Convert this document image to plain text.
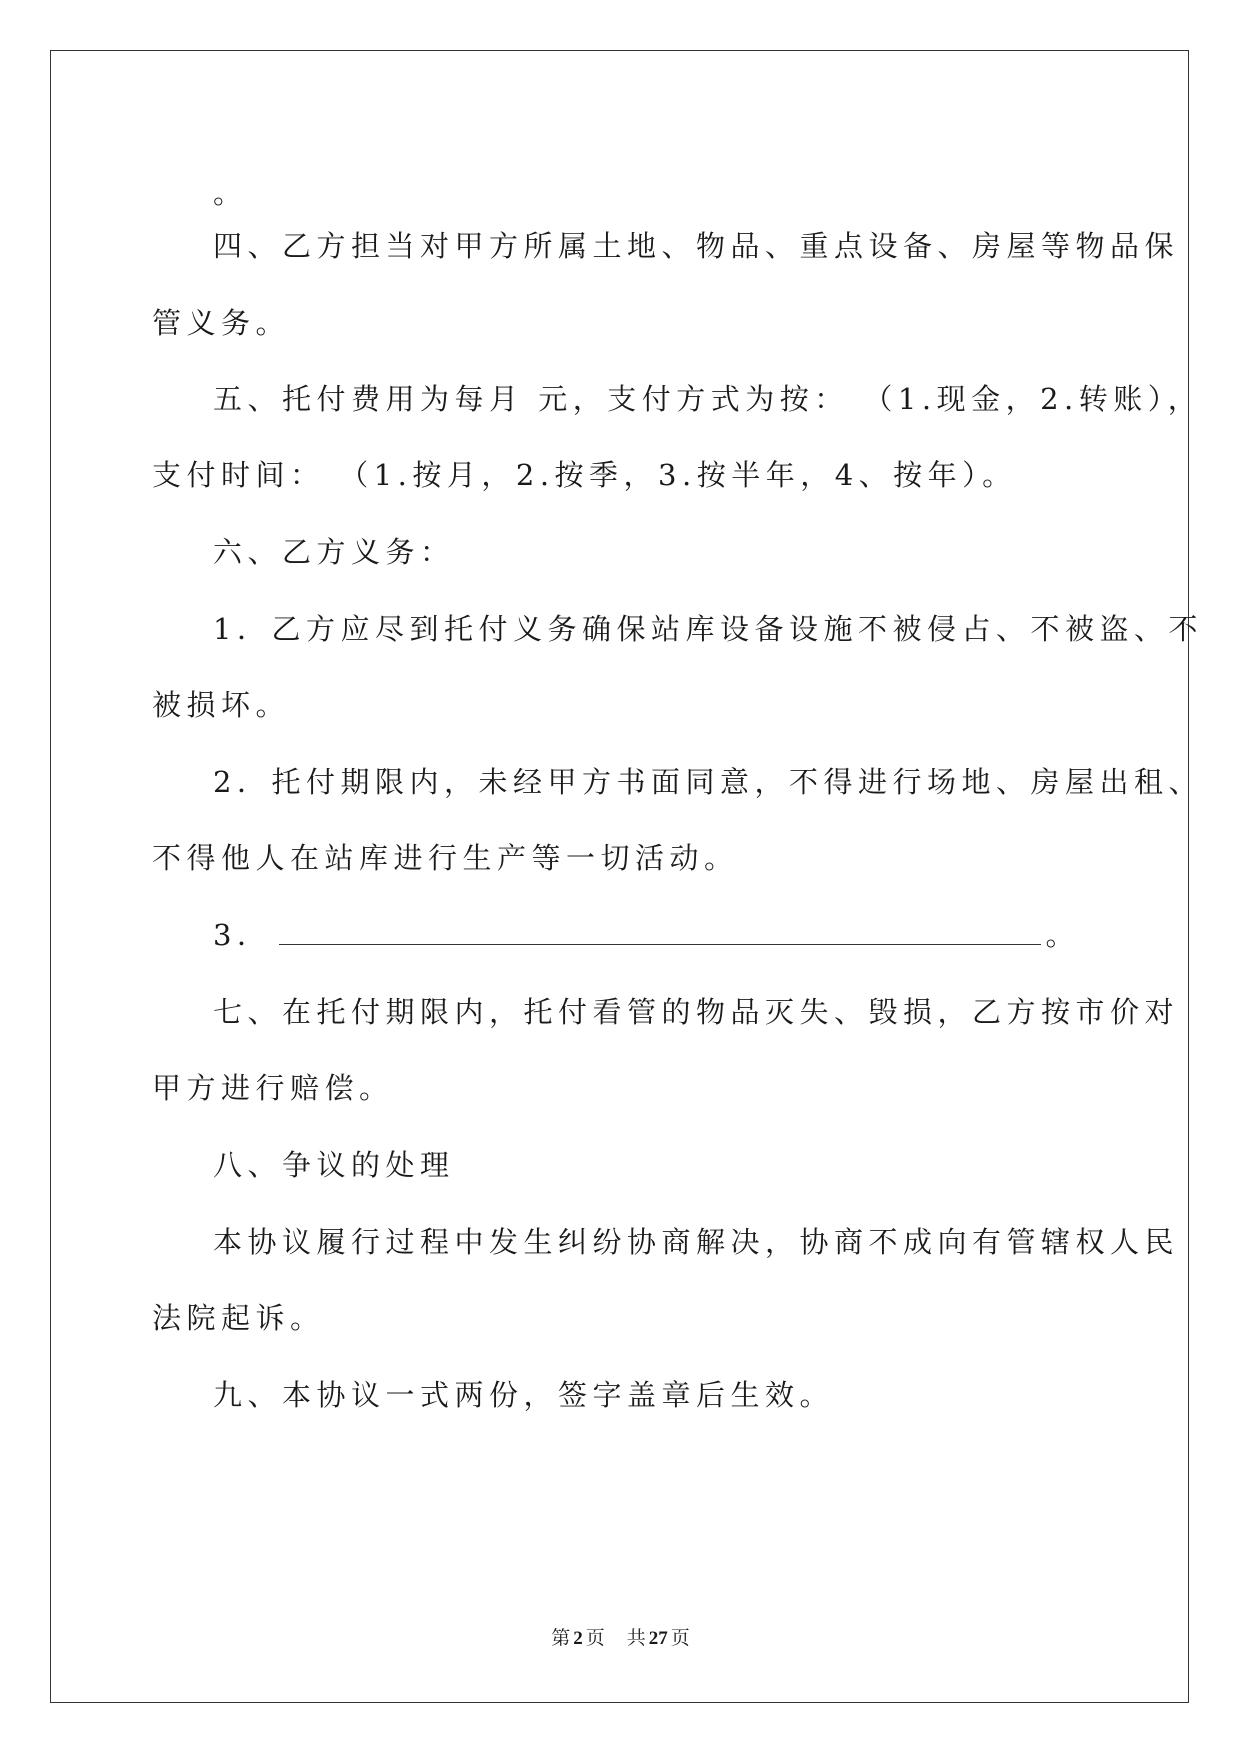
。
四、乙方担当对甲方所属土地、物品、重点设备、房屋等物品保
管义务。
五、托付费用为每月 元，支付方式为按： （1.现金，2.转账），
支付时间： （1.按月，2.按季，3.按半年，4、按年）。
六、乙方义务：
1．乙方应尽到托付义务确保站库设备设施不被侵占、不被盗、不
被损坏。
2．托付期限内，未经甲方书面同意，不得进行场地、房屋出租、
不得他人在站库进行生产等一切活动。
3．	。
七、在托付期限内，托付看管的物品灭失、毁损，乙方按市价对
甲方进行赔偿。
八、争议的处理
本协议履行过程中发生纠纷协商解决，协商不成向有管辖权人民
法院起诉。
九、本协议一式两份，签字盖章后生效。
第 2 页 共 27 页
